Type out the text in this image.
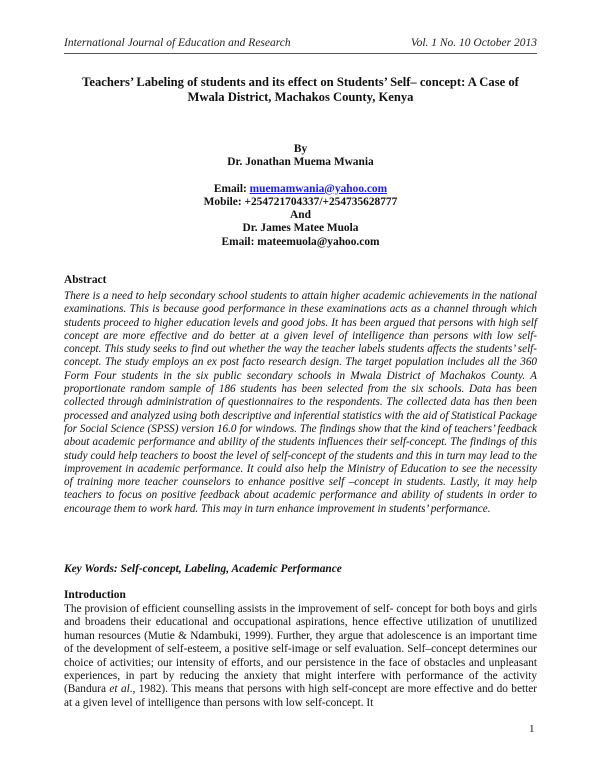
International Journal of Education and Research	Vol. 1 No. 10 October 2013
Teachers’ Labeling of students and its effect on Students’ Self– concept: A Case of Mwala District, Machakos County, Kenya
By
Dr. Jonathan Muema Mwania
Email: muemamwania@yahoo.com
Mobile: +254721704337/+254735628777
And
Dr. James Matee Muola
Email: mateemuola@yahoo.com
Abstract
There is a need to help secondary school students to attain higher academic achievements in the national examinations. This is because good performance in these examinations acts as a channel through which students proceed to higher education levels and good jobs. It has been argued that persons with high self concept are more effective and do better at a given level of intelligence than persons with low self-concept. This study seeks to find out whether the way the teacher labels students affects the students’ self-concept. The study employs an ex post facto research design. The target population includes all the 360 Form Four students in the six public secondary schools in Mwala District of Machakos County. A proportionate random sample of 186 students has been selected from the six schools. Data has been collected through administration of questionnaires to the respondents. The collected data has then been processed and analyzed using both descriptive and inferential statistics with the aid of Statistical Package for Social Science (SPSS) version 16.0 for windows. The findings show that the kind of teachers’ feedback about academic performance and ability of the students influences their self-concept. The findings of this study could help teachers to boost the level of self-concept of the students and this in turn may lead to the improvement in academic performance. It could also help the Ministry of Education to see the necessity of training more teacher counselors to enhance positive self –concept in students. Lastly, it may help teachers to focus on positive feedback about academic performance and ability of students in order to encourage them to work hard. This may in turn enhance improvement in students’ performance.
Key Words: Self-concept, Labeling, Academic Performance
Introduction
The provision of efficient counselling assists in the improvement of self- concept for both boys and girls and broadens their educational and occupational aspirations, hence effective utilization of unutilized human resources (Mutie & Ndambuki, 1999). Further, they argue that adolescence is an important time of the development of self-esteem, a positive self-image or self evaluation. Self–concept determines our choice of activities; our intensity of efforts, and our persistence in the face of obstacles and unpleasant experiences, in part by reducing the anxiety that might interfere with performance of the activity (Bandura et al., 1982). This means that persons with high self-concept are more effective and do better at a given level of intelligence than persons with low self-concept. It
1
